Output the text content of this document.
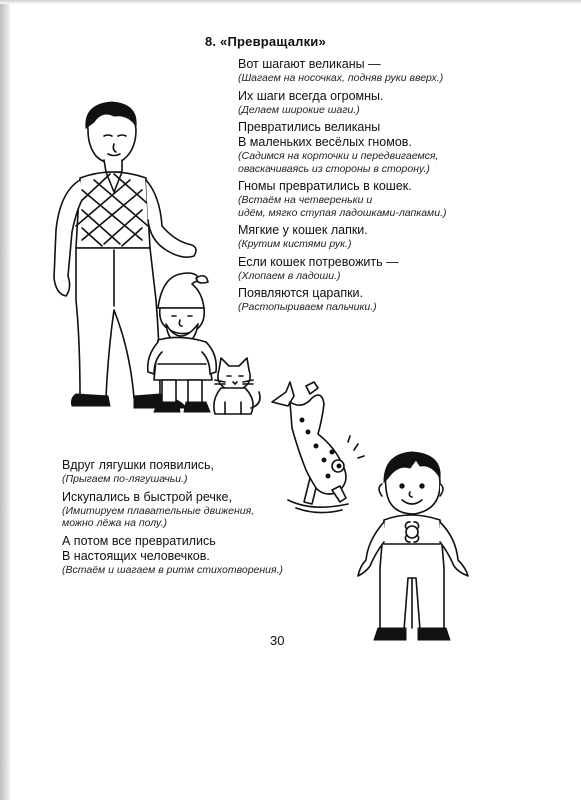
8. «Превращалки»
Вот шагают великаны —
(Шагаем на носочках, подняв руки вверх.)
Их шаги всегда огромны.
(Делаем широкие шаги.)
Превратились великаны
В маленьких весёлых гномов.
(Садимся на корточки и передвигаемся,
оваскачиваясь из стороны в сторону.)
Гномы превратились в кошек.
(Встаём на четвереньки и
идём, мягко ступая ладошками-лапками.)
Мягкие у кошек лапки.
(Крутим кистями рук.)
Если кошек потревожить —
(Хлопаем в ладоши.)
Появляются царапки.
(Растопыриваем пальчики.)
Вдруг лягушки появились,
(Прыгаем по-лягушачьи.)
Искупались в быстрой речке,
(Имитируем плавательные движения,
можно лёжа на полу.)
А потом все превратились
В настоящих человечков.
(Встаём и шагаем в ритм стихотворения.)
30
